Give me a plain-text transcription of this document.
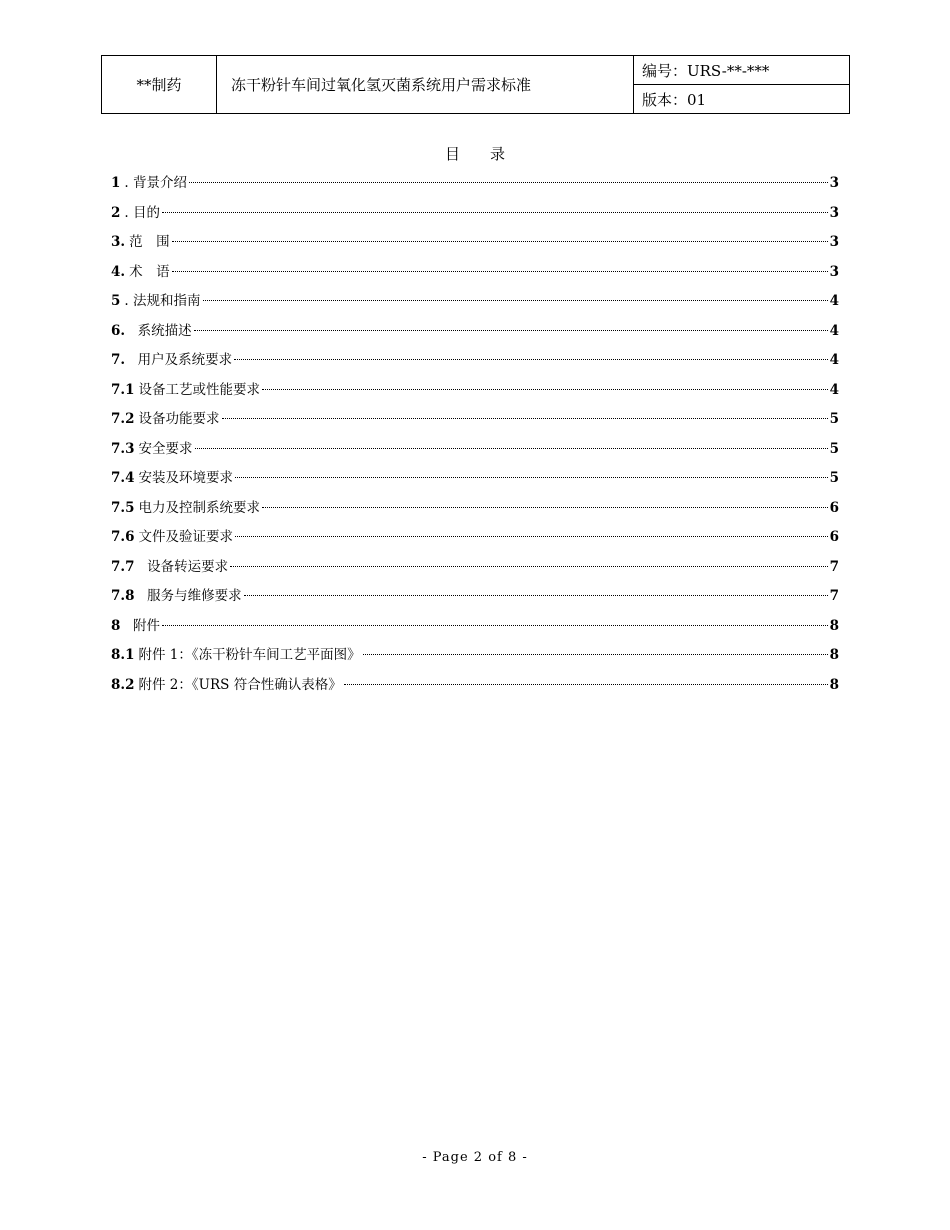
**制药	冻干粉针车间过氧化氢灭菌系统用户需求标准	编号：URS-**-***
版本：01
目　　录
1 . 背景介绍	3
2 . 目的	3
3. 范　围	3
4. 术　语	3
5 . 法规和指南	4
6. 系统描述	4
7. 用户及系统要求	4
7.1 设备工艺或性能要求	4
7.2 设备功能要求	5
7.3 安全要求	5
7.4 安装及环境要求	5
7.5 电力及控制系统要求	6
7.6 文件及验证要求	6
7.7 设备转运要求	7
7.8 服务与维修要求	7
8 附件	8
8.1 附件 1：《冻干粉针车间工艺平面图》	8
8.2 附件 2：《URS 符合性确认表格》	8
- Page 2 of 8 -
